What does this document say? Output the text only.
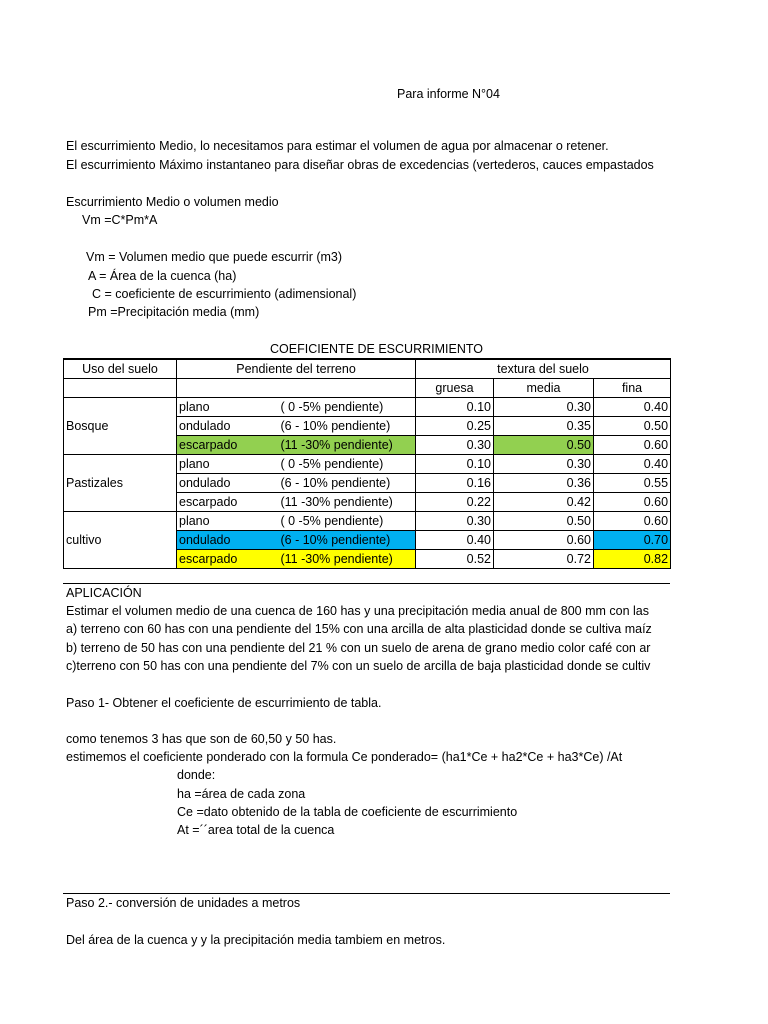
Para informe N°04
El escurrimiento Medio, lo necesitamos para estimar el volumen de agua por almacenar o retener.
El escurrimiento Máximo instantaneo para diseñar obras de excedencias (vertederos, cauces empastados
Escurrimiento Medio o volumen medio
Vm =C*Pm*A
Vm = Volumen medio que puede escurrir (m3)
A = Área de la cuenca (ha)
C = coeficiente de escurrimiento (adimensional)
Pm =Precipitación media (mm)
COEFICIENTE DE ESCURRIMIENTO
Uso del suelo	Pendiente del terreno		textura del suelo		
			gruesa	media	fina
Bosque	plano	( 0 -5% pendiente)	0.10	0.30	0.40
	ondulado	(6 - 10% pendiente)	0.25	0.35	0.50
	escarpado	(11 -30% pendiente)	0.30	0.50	0.60
Pastizales	plano	( 0 -5% pendiente)	0.10	0.30	0.40
	ondulado	(6 - 10% pendiente)	0.16	0.36	0.55
	escarpado	(11 -30% pendiente)	0.22	0.42	0.60
cultivo	plano	( 0 -5% pendiente)	0.30	0.50	0.60
	ondulado	(6 - 10% pendiente)	0.40	0.60	0.70
	escarpado	(11 -30% pendiente)	0.52	0.72	0.82
APLICACIÓN
Estimar el volumen medio de una cuenca de 160 has y una precipitación media anual de 800 mm con las
a) terreno con 60 has con una pendiente del 15% con una arcilla de alta plasticidad donde se cultiva maíz
b) terreno de 50 has con una pendiente del 21 % con un suelo de arena de grano medio color café con ar
c)terreno con 50 has con una pendiente del 7% con un suelo de arcilla de baja plasticidad donde se cultiv
Paso 1- Obtener el coeficiente de escurrimiento de tabla.
como tenemos 3 has que son de 60,50 y 50 has.
estimemos el coeficiente ponderado con la formula Ce ponderado= (ha1*Ce + ha2*Ce + ha3*Ce) /At
donde:
ha =área de cada zona
Ce =dato obtenido de la tabla de coeficiente de escurrimiento
At =´´area total de la cuenca
Paso 2.- conversión de unidades a metros
Del área de la cuenca y y la precipitación media tambiem en metros.
